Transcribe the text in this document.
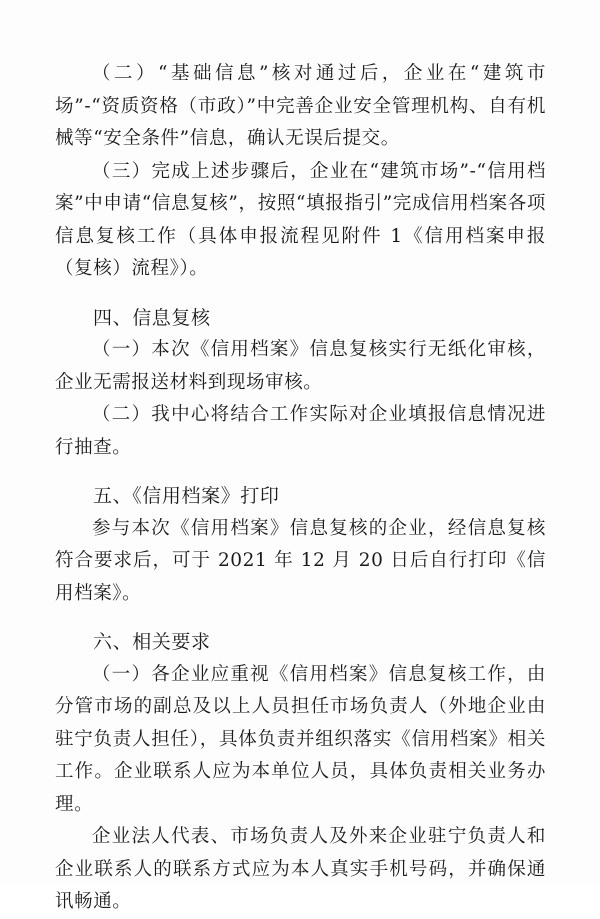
（二）“基础信息”核对通过后，企业在“建筑市场”-“资质资格（市政）”中完善企业安全管理机构、自有机械等“安全条件”信息，确认无误后提交。

（三）完成上述步骤后，企业在“建筑市场”-“信用档案”中申请“信息复核”，按照“填报指引”完成信用档案各项信息复核工作（具体申报流程见附件 1《信用档案申报（复核）流程》）。

四、信息复核

（一）本次《信用档案》信息复核实行无纸化审核，企业无需报送材料到现场审核。

（二）我中心将结合工作实际对企业填报信息情况进行抽查。

五、《信用档案》打印

参与本次《信用档案》信息复核的企业，经信息复核符合要求后，可于 2021 年 12 月 20 日后自行打印《信用档案》。

六、相关要求

（一）各企业应重视《信用档案》信息复核工作，由分管市场的副总及以上人员担任市场负责人（外地企业由驻宁负责人担任），具体负责并组织落实《信用档案》相关工作。企业联系人应为本单位人员，具体负责相关业务办理。

企业法人代表、市场负责人及外来企业驻宁负责人和企业联系人的联系方式应为本人真实手机号码，并确保通讯畅通。
